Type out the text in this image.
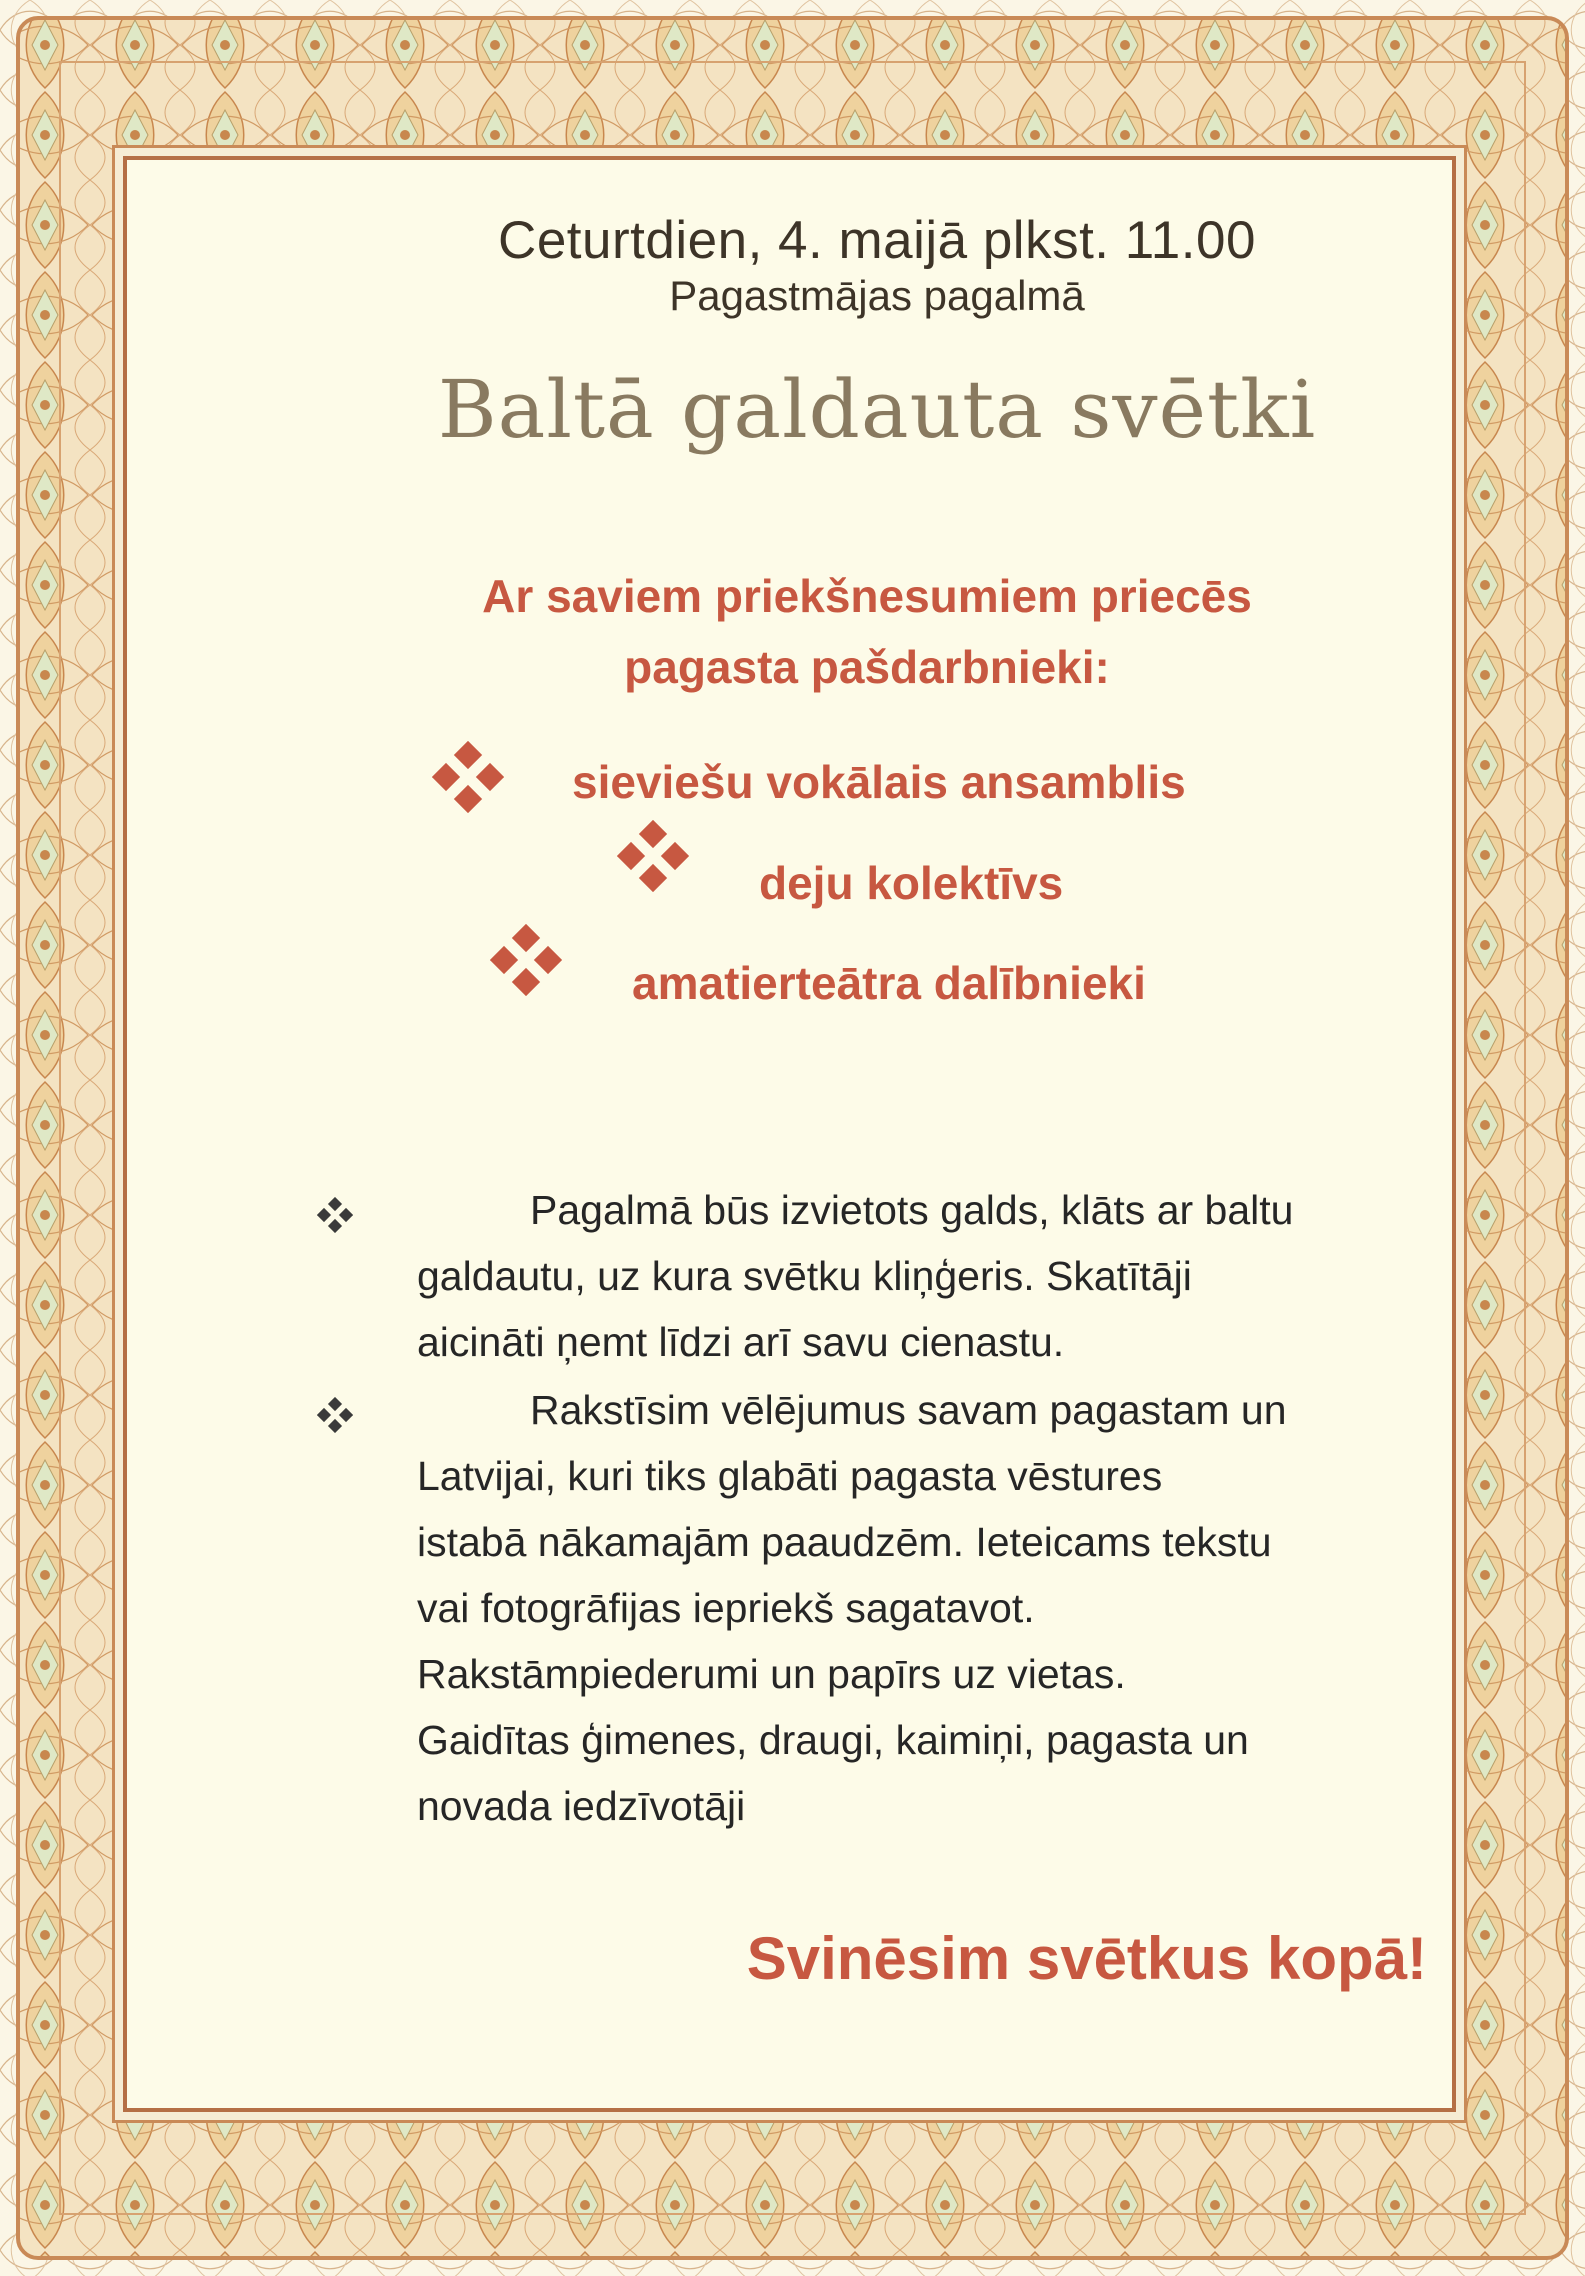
Ceturtdien, 4. maijā plkst. 11.00
Pagastmājas pagalmā
Baltā galdauta svētki
Ar saviem priekšnesumiem priecēs
pagasta pašdarbnieki:
sieviešu vokālais ansamblis
deju kolektīvs
amatierteātra dalībnieki
Pagalmā būs izvietots galds, klāts ar baltu
galdautu, uz kura svētku kliņģeris. Skatītāji
aicināti ņemt līdzi arī savu cienastu.
Rakstīsim vēlējumus savam pagastam un
Latvijai, kuri tiks glabāti pagasta vēstures
istabā nākamajām paaudzēm. Ieteicams tekstu
vai fotogrāfijas iepriekš sagatavot.
Rakstāmpiederumi un papīrs uz vietas.
Gaidītas ģimenes, draugi, kaimiņi, pagasta un
novada iedzīvotāji
Svinēsim svētkus kopā!
